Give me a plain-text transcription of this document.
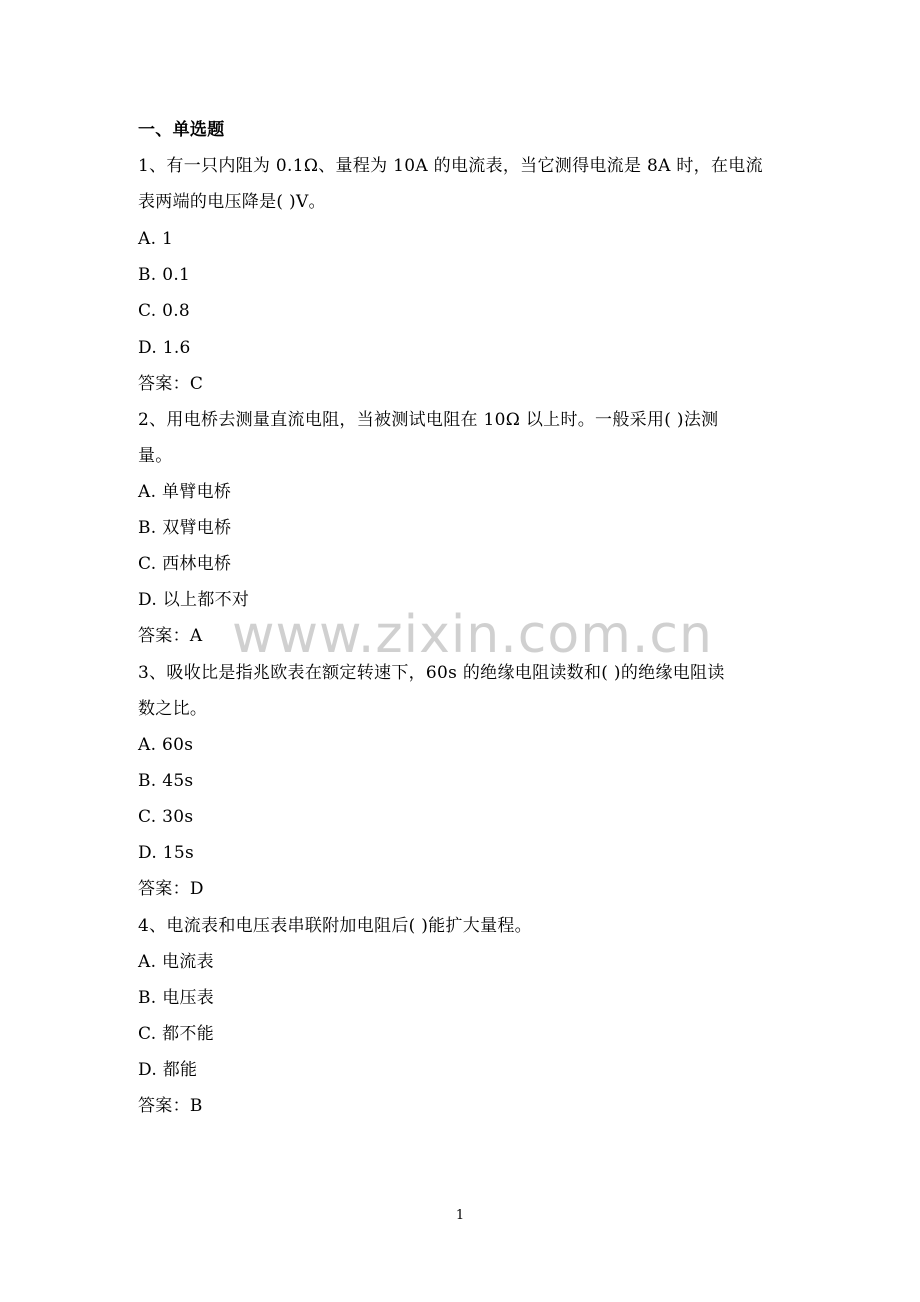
一、单选题
1、有一只内阻为 0.1Ω、量程为 10A 的电流表，当它测得电流是 8A 时，在电流
表两端的电压降是( )V。
A. 1
B. 0.1
C. 0.8
D. 1.6
答案：C
2、用电桥去测量直流电阻，当被测试电阻在 10Ω 以上时。一般采用( )法测
量。
A. 单臂电桥
B. 双臂电桥
C. 西林电桥
D. 以上都不对
答案：A
3、吸收比是指兆欧表在额定转速下，60s 的绝缘电阻读数和( )的绝缘电阻读
数之比。
A. 60s
B. 45s
C. 30s
D. 15s
答案：D
4、电流表和电压表串联附加电阻后( )能扩大量程。
A. 电流表
B. 电压表
C. 都不能
D. 都能
答案：B
www.zixin.com.cn
1
